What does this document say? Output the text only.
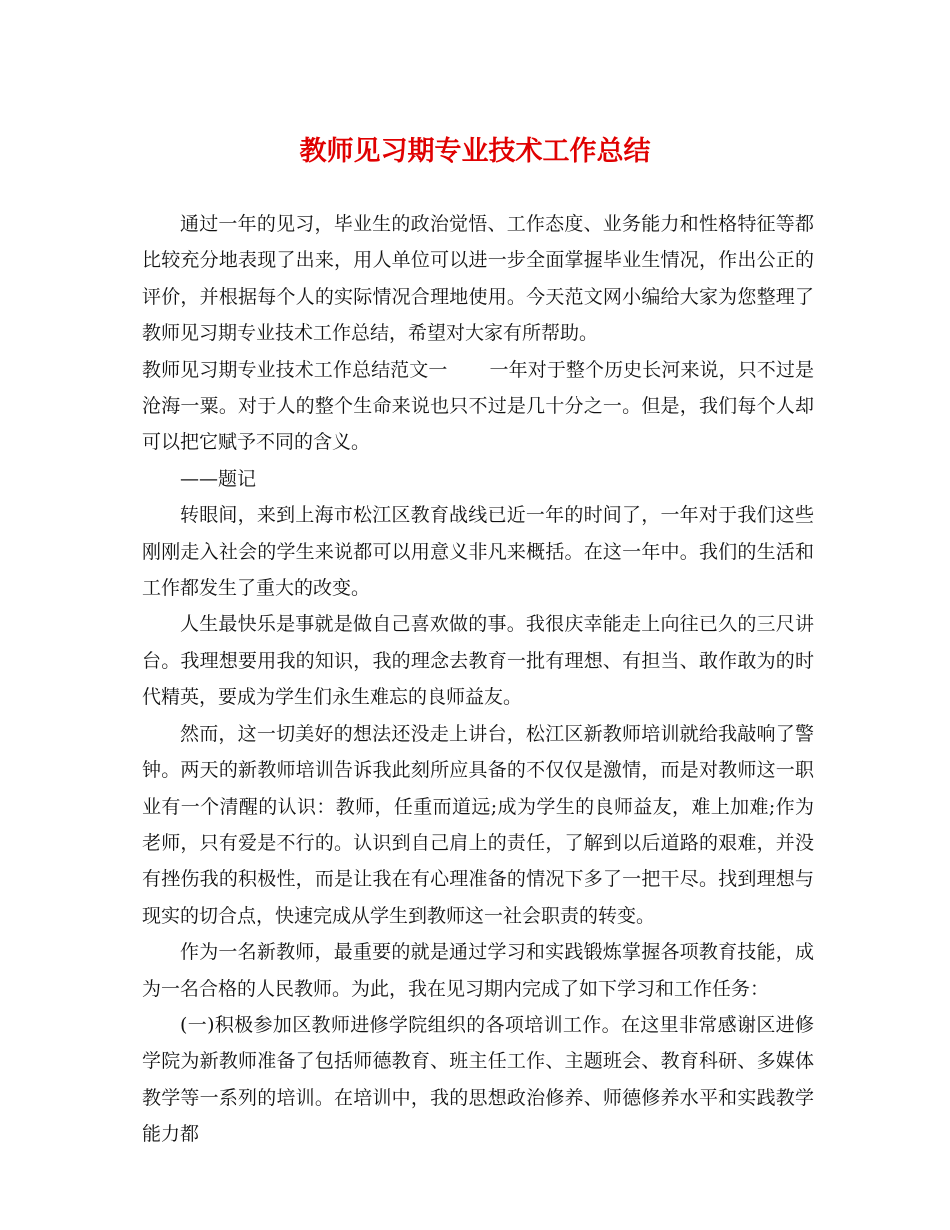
教师见习期专业技术工作总结

通过一年的见习，毕业生的政治觉悟、工作态度、业务能力和性格特征等都比较充分地表现了出来，用人单位可以进一步全面掌握毕业生情况，作出公正的评价，并根据每个人的实际情况合理地使用。今天范文网小编给大家为您整理了教师见习期专业技术工作总结，希望对大家有所帮助。

教师见习期专业技术工作总结范文一 一年对于整个历史长河来说，只不过是沧海一粟。对于人的整个生命来说也只不过是几十分之一。但是，我们每个人却可以把它赋予不同的含义。

——题记

转眼间，来到上海市松江区教育战线已近一年的时间了，一年对于我们这些刚刚走入社会的学生来说都可以用意义非凡来概括。在这一年中。我们的生活和工作都发生了重大的改变。

人生最快乐是事就是做自己喜欢做的事。我很庆幸能走上向往已久的三尺讲台。我理想要用我的知识，我的理念去教育一批有理想、有担当、敢作敢为的时代精英，要成为学生们永生难忘的良师益友。

然而，这一切美好的想法还没走上讲台，松江区新教师培训就给我敲响了警钟。两天的新教师培训告诉我此刻所应具备的不仅仅是激情，而是对教师这一职业有一个清醒的认识：教师，任重而道远;成为学生的良师益友，难上加难;作为老师，只有爱是不行的。认识到自己肩上的责任，了解到以后道路的艰难，并没有挫伤我的积极性，而是让我在有心理准备的情况下多了一把干尽。找到理想与现实的切合点，快速完成从学生到教师这一社会职责的转变。

作为一名新教师，最重要的就是通过学习和实践锻炼掌握各项教育技能，成为一名合格的人民教师。为此，我在见习期内完成了如下学习和工作任务：

(一)积极参加区教师进修学院组织的各项培训工作。在这里非常感谢区进修学院为新教师准备了包括师德教育、班主任工作、主题班会、教育科研、多媒体教学等一系列的培训。在培训中，我的思想政治修养、师德修养水平和实践教学能力都
